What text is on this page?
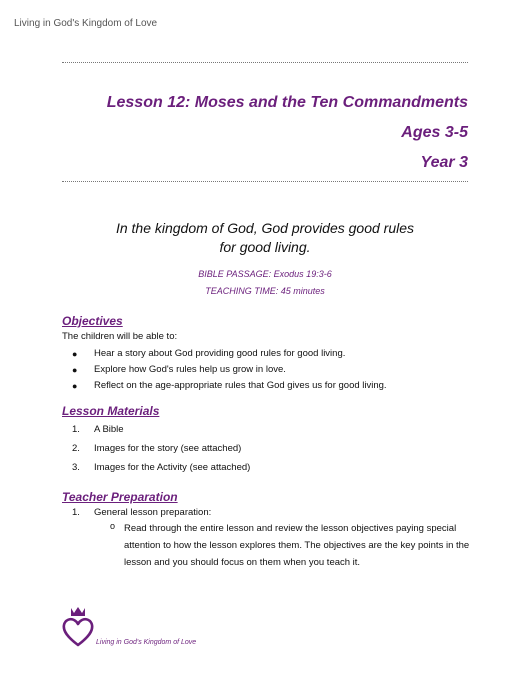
Living in God's Kingdom of Love
Lesson 12: Moses and the Ten Commandments
Ages 3-5
Year 3
In the kingdom of God, God provides good rules
for good living.
BIBLE PASSAGE: Exodus 19:3-6
TEACHING TIME: 45 minutes
Objectives
The children will be able to:
● Hear a story about God providing good rules for good living.
● Explore how God's rules help us grow in love.
● Reflect on the age-appropriate rules that God gives us for good living.
Lesson Materials
1. A Bible
2. Images for the story (see attached)
3. Images for the Activity (see attached)
Teacher Preparation
1. General lesson preparation:
o Read through the entire lesson and review the lesson objectives paying special attention to how the lesson explores them. The objectives are the key points in the lesson and you should focus on them when you teach it.
Living in God's Kingdom of Love
